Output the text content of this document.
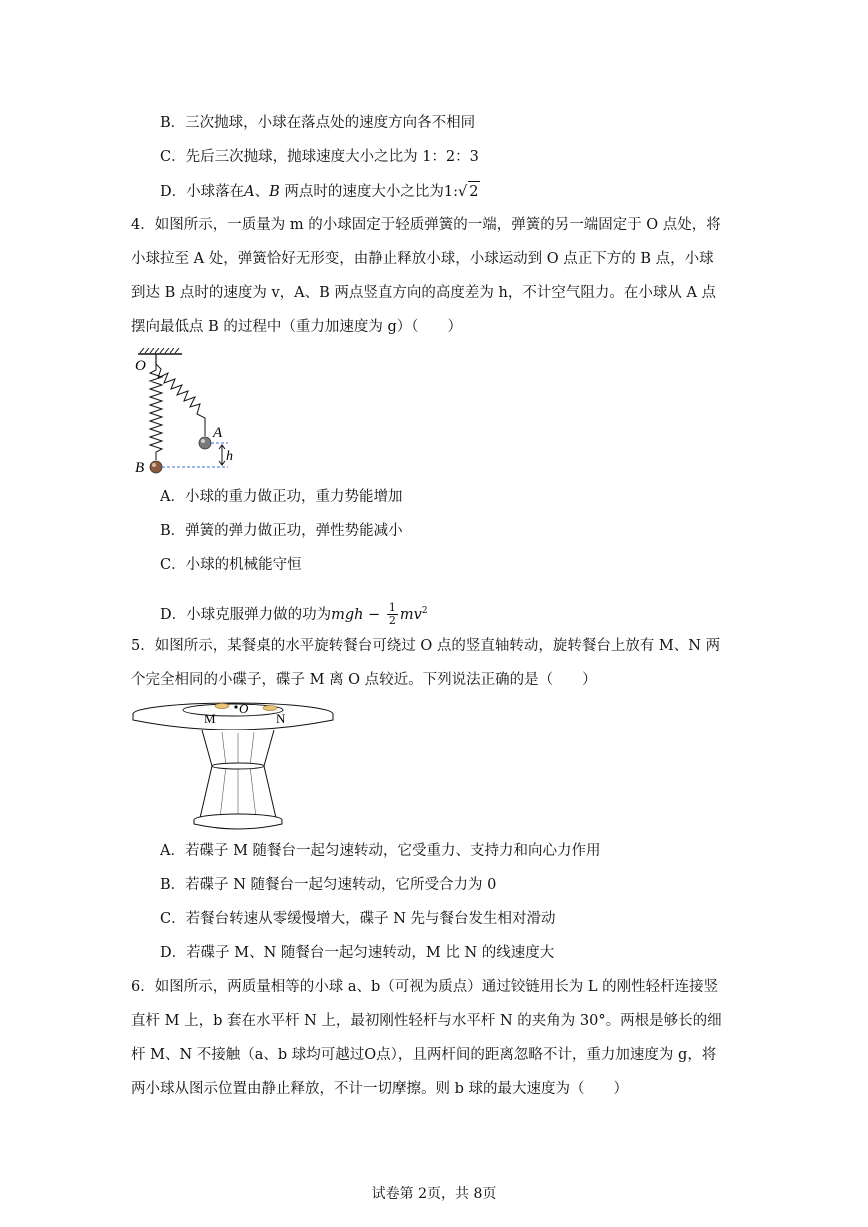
B．三次抛球，小球在落点处的速度方向各不相同
C．先后三次抛球，抛球速度大小之比为 1：2：3
D．小球落在A、B 两点时的速度大小之比为1:√ 2
4．如图所示，一质量为 m 的小球固定于轻质弹簧的一端，弹簧的另一端固定于 O 点处，将
小球拉至 A 处，弹簧恰好无形变，由静止释放小球，小球运动到 O 点正下方的 B 点，小球
到达 B 点时的速度为 v，A、B 两点竖直方向的高度差为 h，不计空气阻力。在小球从 A 点
摆向最低点 B 的过程中（重力加速度为 g）（　　）
O
A
B
h
A．小球的重力做正功，重力势能增加
B．弹簧的弹力做正功，弹性势能减小
C．小球的机械能守恒
D．小球克服弹力做的功为mgh − $\frac{1}{2} mv^2$
5．如图所示，某餐桌的水平旋转餐台可绕过 O 点的竖直轴转动，旋转餐台上放有 M、N 两
个完全相同的小碟子，碟子 M 离 O 点较近。下列说法正确的是（　　）
M
O
N
A．若碟子 M 随餐台一起匀速转动，它受重力、支持力和向心力作用
B．若碟子 N 随餐台一起匀速转动，它所受合力为 0
C．若餐台转速从零缓慢增大，碟子 N 先与餐台发生相对滑动
D．若碟子 M、N 随餐台一起匀速转动，M 比 N 的线速度大
6．如图所示，两质量相等的小球 a、b（可视为质点）通过铰链用长为 L 的刚性轻杆连接竖
直杆 M 上，b 套在水平杆 N 上，最初刚性轻杆与水平杆 N 的夹角为 30°。两根是够长的细
杆 M、N 不接触（a、b 球均可越过O点），且两杆间的距离忽略不计，重力加速度为 g，将
两小球从图示位置由静止释放，不计一切摩擦。则 b 球的最大速度为（　　）
试卷第 2页，共 8页
